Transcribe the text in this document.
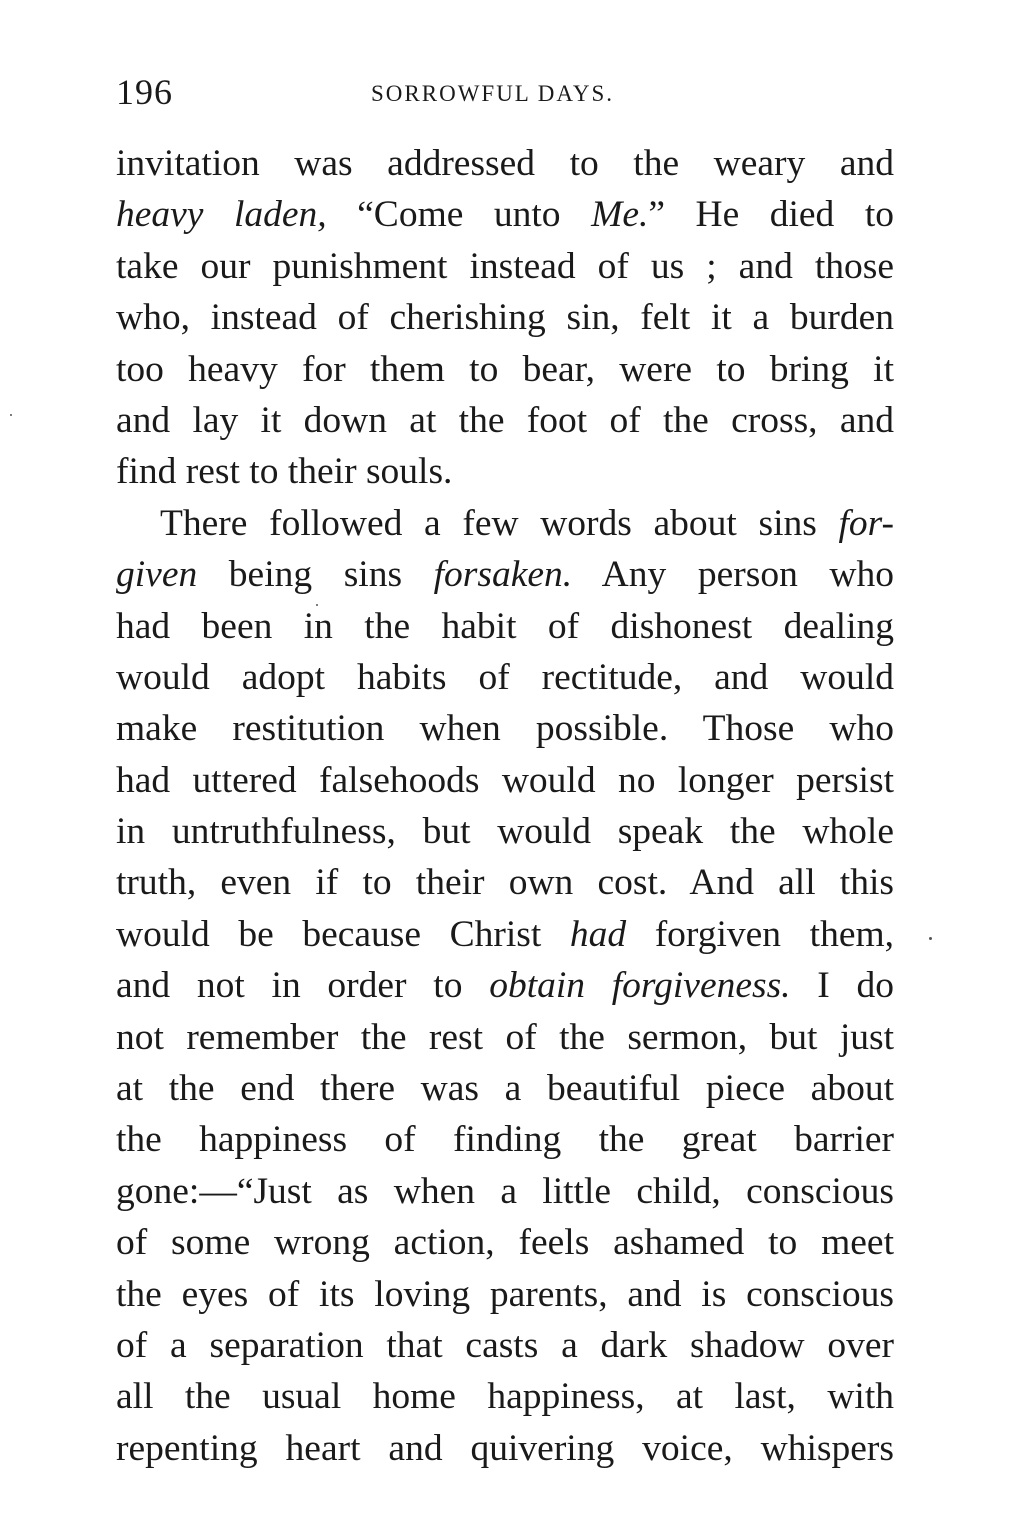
196	SORROWFUL DAYS.
invitation was addressed to the weary and
heavy laden, “Come unto Me.” He died to
take our punishment instead of us ; and those
who, instead of cherishing sin, felt it a burden
too heavy for them to bear, were to bring it
and lay it down at the foot of the cross, and
find rest to their souls.
There followed a few words about sins for-
given being sins forsaken. Any person who
had been in the habit of dishonest dealing
would adopt habits of rectitude, and would
make restitution when possible. Those who
had uttered falsehoods would no longer persist
in untruthfulness, but would speak the whole
truth, even if to their own cost. And all this
would be because Christ had forgiven them,
and not in order to obtain forgiveness. I do
not remember the rest of the sermon, but just
at the end there was a beautiful piece about
the happiness of finding the great barrier
gone:—“Just as when a little child, conscious
of some wrong action, feels ashamed to meet
the eyes of its loving parents, and is conscious
of a separation that casts a dark shadow over
all the usual home happiness, at last, with
repenting heart and quivering voice, whispers
